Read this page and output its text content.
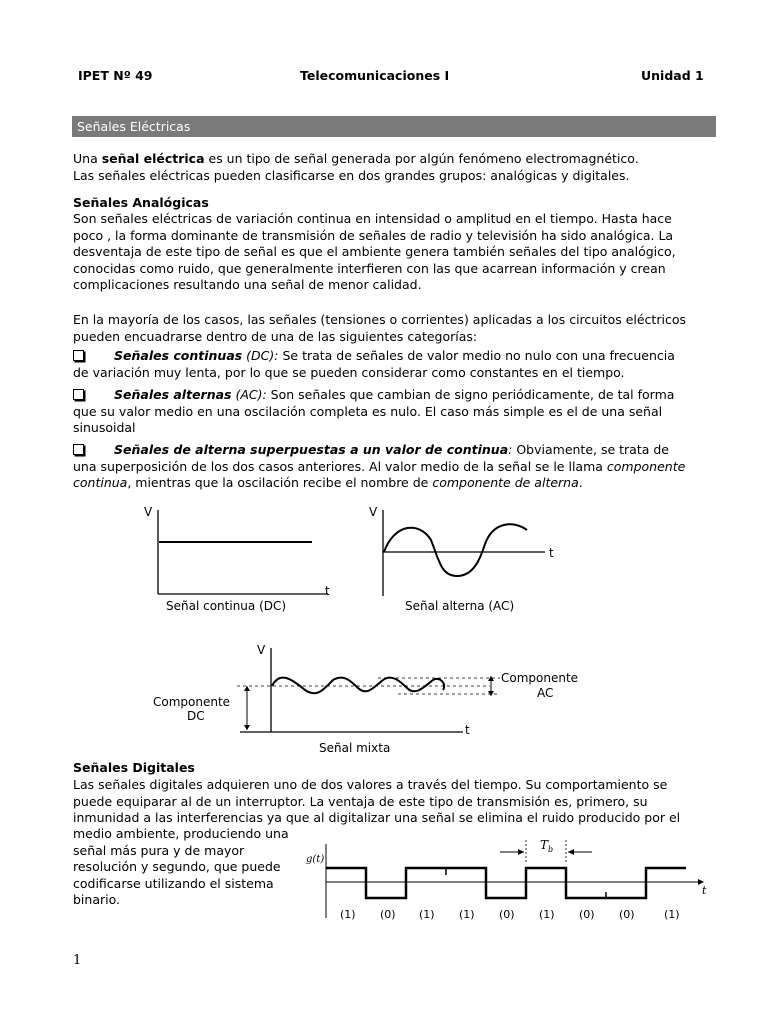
IPET Nº 49	Telecomunicaciones I	Unidad 1
Señales Eléctricas
Una señal eléctrica es un tipo de señal generada por algún fenómeno electromagnético.
Las señales eléctricas pueden clasificarse en dos grandes grupos: analógicas y digitales.
Señales Analógicas
Son señales eléctricas de variación continua en intensidad o amplitud en el tiempo. Hasta hace
poco , la forma dominante de transmisión de señales de radio y televisión ha sido analógica. La
desventaja de este tipo de señal es que el ambiente genera también señales del tipo analógico,
conocidas como ruido, que generalmente interfieren con las que acarrean información y crean
complicaciones resultando una señal de menor calidad.
En la mayoría de los casos, las señales (tensiones o corrientes) aplicadas a los circuitos eléctricos
pueden encuadrarse dentro de una de las siguientes categorías:
Señales continuas (DC): Se trata de señales de valor medio no nulo con una frecuencia
de variación muy lenta, por lo que se pueden considerar como constantes en el tiempo.
Señales alternas (AC): Son señales que cambian de signo periódicamente, de tal forma
que su valor medio en una oscilación completa es nulo. El caso más simple es el de una señal
sinusoidal
Señales de alterna superpuestas a un valor de continua: Obviamente, se trata de
una superposición de los dos casos anteriores. Al valor medio de la señal se le llama componente
continua, mientras que la oscilación recibe el nombre de componente de alterna.
V
t
Señal continua (DC)
V
t
Señal alterna (AC)
V
t
Componente
AC
Componente
DC
Señal mixta
Señales Digitales
Las señales digitales adquieren uno de dos valores a través del tiempo. Su comportamiento se
puede equiparar al de un interruptor. La ventaja de este tipo de transmisión es, primero, su
inmunidad a las interferencias ya que al digitalizar una señal se elimina el ruido producido por el
medio ambiente, produciendo una
señal más pura y de mayor
resolución y segundo, que puede
codificarse utilizando el sistema
binario.
$T_b$
g(t)
t
(1) (0) (1) (1) (0) (1) (0) (0)	(1)
1
